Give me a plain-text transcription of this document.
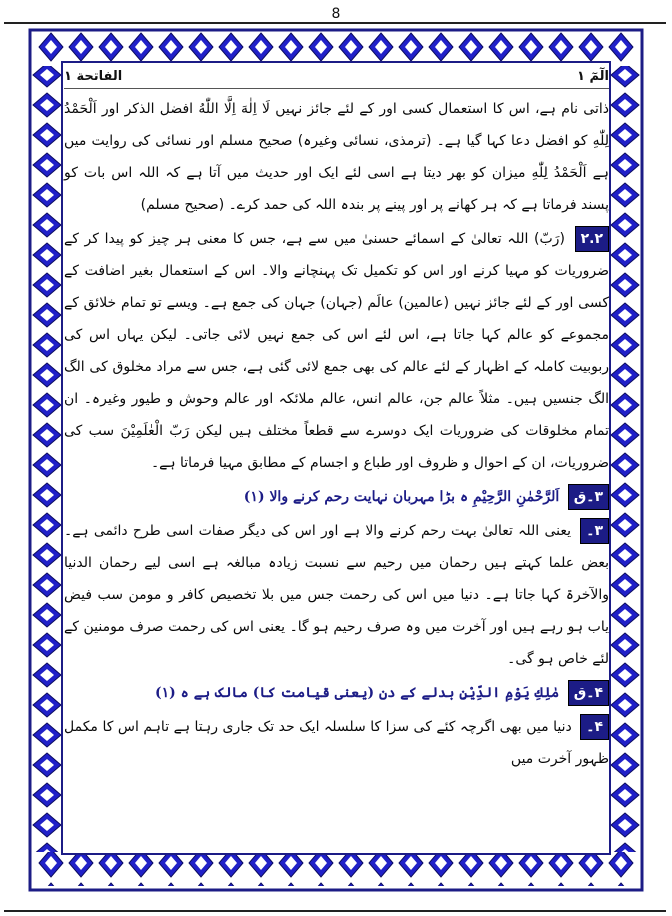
8
الٓمٓ ١
الفاتحة ١

ذاتی نام ہے، اس کا استعمال کسی اور کے لئے جائز نہیں لَا اِلٰهَ اِلَّا اللّٰهُ افضل الذکر اور اَلْحَمْدُ لِلّٰهِ کو افضل دعا کہا گیا ہے۔ (ترمذی، نسائی وغیرہ) صحیح مسلم اور نسائی کی روایت میں ہے اَلْحَمْدُ لِلّٰهِ میزان کو بھر دیتا ہے اسی لئے ایک اور حدیث میں آتا ہے کہ اللہ اس بات کو پسند فرماتا ہے کہ ہر کھانے پر اور پینے پر بندہ اللہ کی حمد کرے۔ (صحیح مسلم)

۲.۲ (رَبّ) اللہ تعالیٰ کے اسمائے حسنیٰ میں سے ہے، جس کا معنی ہر چیز کو پیدا کر کے ضروریات کو مہیا کرنے اور اس کو تکمیل تک پہنچانے والا۔ اس کے استعمال بغیر اضافت کے کسی اور کے لئے جائز نہیں (عالمین) عالَم (جہان) جہان کی جمع ہے۔ ویسے تو تمام خلائق کے مجموعے کو عالم کہا جاتا ہے، اس لئے اس کی جمع نہیں لائی جاتی۔ لیکن یہاں اس کی ربوبیت کاملہ کے اظہار کے لئے عالم کی بھی جمع لائی گئی ہے، جس سے مراد مخلوق کی الگ الگ جنسیں ہیں۔ مثلاً عالم جن، عالم انس، عالم ملائکہ اور عالم وحوش و طیور وغیرہ۔ ان تمام مخلوقات کی ضروریات ایک دوسرے سے قطعاً مختلف ہیں لیکن رَبّ الْعٰلَمِیْنَ سب کی ضروریات، ان کے احوال و ظروف اور طباع و اجسام کے مطابق مہیا فرماتا ہے۔

۳۔ق اَلرَّحْمٰنِ الرَّحِیْمِ ہ بڑا مہربان نہایت رحم کرنے والا (۱)

۳۔ یعنی اللہ تعالیٰ بہت رحم کرنے والا ہے اور اس کی دیگر صفات اسی طرح دائمی ہے۔ بعض علما کہتے ہیں رحمان میں رحیم سے نسبت زیادہ مبالغہ ہے اسی لیے رحمان الدنیا والآخرۃ کہا جاتا ہے۔ دنیا میں اس کی رحمت جس میں بلا تخصیص کافر و مومن سب فیض یاب ہو رہے ہیں اور آخرت میں وہ صرف رحیم ہو گا۔ یعنی اس کی رحمت صرف مومنین کے لئے خاص ہو گی۔

۴۔ق مٰلِكِ يَوْمِ الدِّيْنِ بدلے کے دن (یعنی قیامت کا) مالک ہے ہ (۱)

۴۔ دنیا میں بھی اگرچہ کئے کی سزا کا سلسلہ ایک حد تک جاری رہتا ہے تاہم اس کا مکمل ظہور آخرت میں
